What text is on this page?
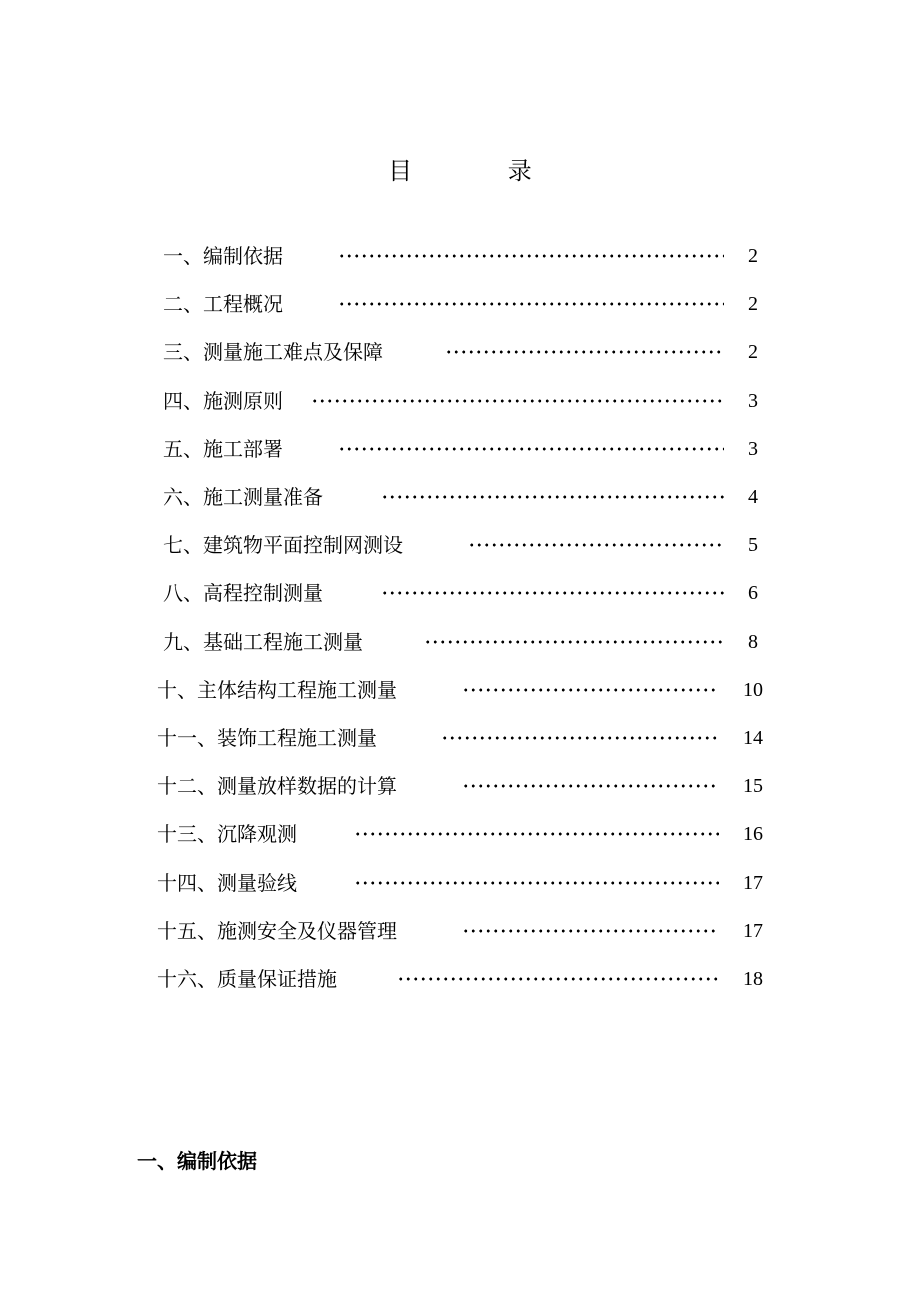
目 录
一、编制依据	2
二、工程概况	2
三、测量施工难点及保障	2
四、施测原则	3
五、施工部署	3
六、施工测量准备	4
七、建筑物平面控制网测设	5
八、高程控制测量	6
九、基础工程施工测量	8
十、主体结构工程施工测量	10
十一、装饰工程施工测量	14
十二、测量放样数据的计算	15
十三、沉降观测	16
十四、测量验线	17
十五、施测安全及仪器管理	17
十六、质量保证措施	18
一、编制依据
